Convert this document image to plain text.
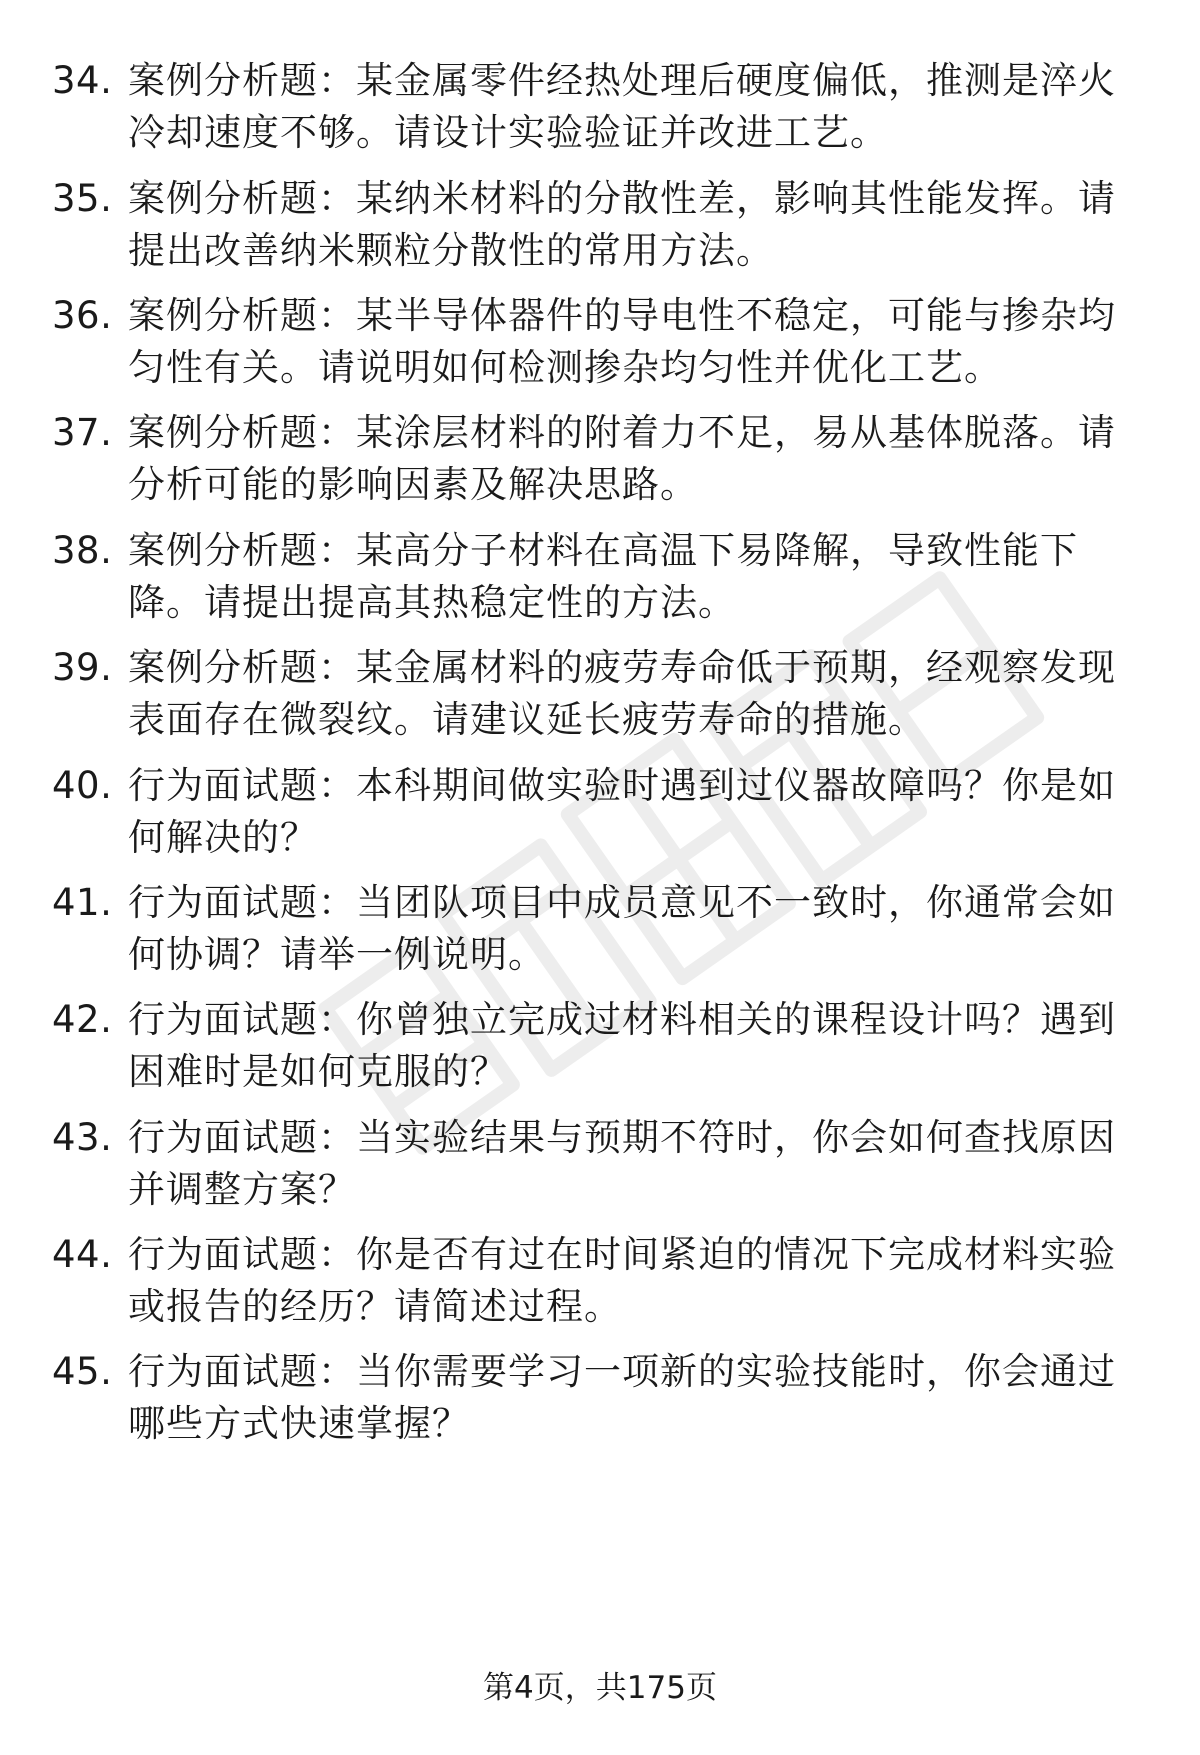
34. 案例分析题：某金属零件经热处理后硬度偏低，推测是淬火冷却速度不够。请设计实验验证并改进工艺。
35. 案例分析题：某纳米材料的分散性差，影响其性能发挥。请提出改善纳米颗粒分散性的常用方法。
36. 案例分析题：某半导体器件的导电性不稳定，可能与掺杂均匀性有关。请说明如何检测掺杂均匀性并优化工艺。
37. 案例分析题：某涂层材料的附着力不足，易从基体脱落。请分析可能的影响因素及解决思路。
38. 案例分析题：某高分子材料在高温下易降解，导致性能下降。请提出提高其热稳定性的方法。
39. 案例分析题：某金属材料的疲劳寿命低于预期，经观察发现表面存在微裂纹。请建议延长疲劳寿命的措施。
40. 行为面试题：本科期间做实验时遇到过仪器故障吗？你是如何解决的？
41. 行为面试题：当团队项目中成员意见不一致时，你通常会如何协调？请举一例说明。
42. 行为面试题：你曾独立完成过材料相关的课程设计吗？遇到困难时是如何克服的？
43. 行为面试题：当实验结果与预期不符时，你会如何查找原因并调整方案？
44. 行为面试题：你是否有过在时间紧迫的情况下完成材料实验或报告的经历？请简述过程。
45. 行为面试题：当你需要学习一项新的实验技能时，你会通过哪些方式快速掌握？
第4页，共175页
